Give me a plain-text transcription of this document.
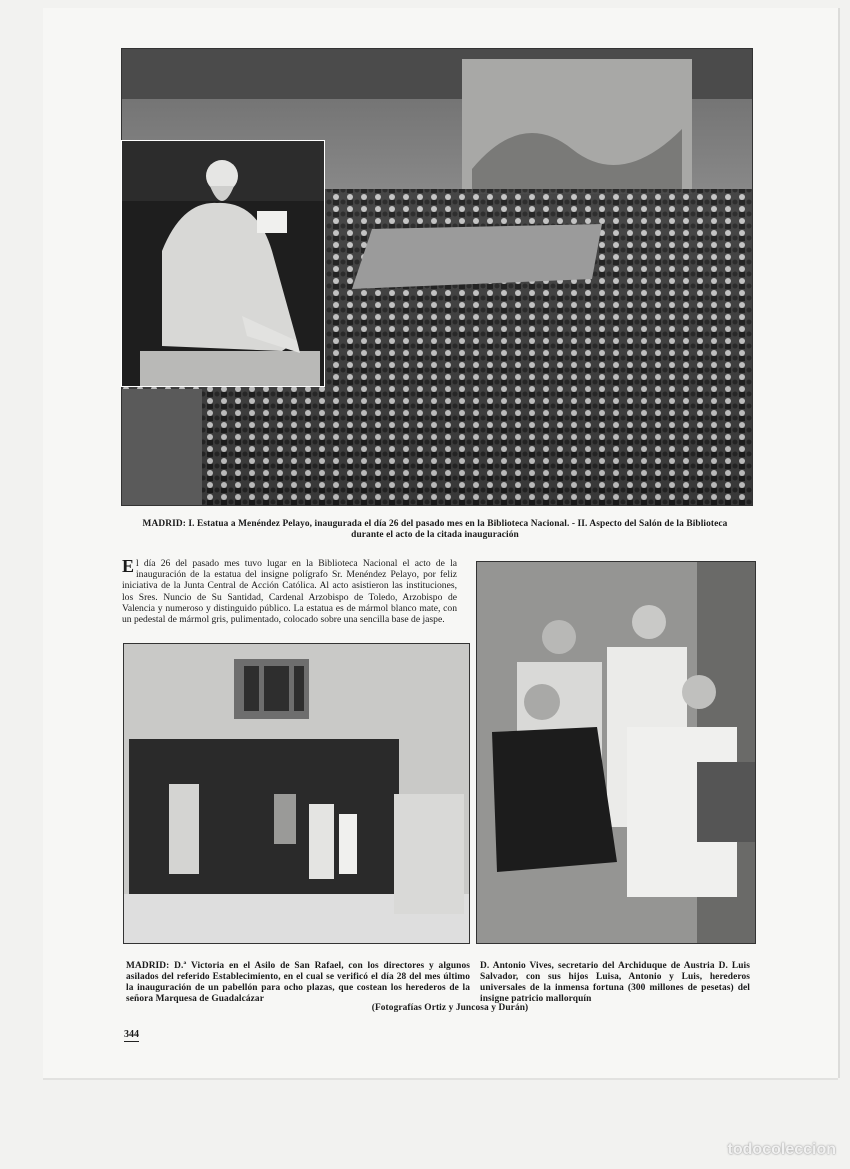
MADRID: I. Estatua a Menéndez Pelayo, inaugurada el día 26 del pasado mes en la Biblioteca Nacional. - II. Aspecto del Salón de la Biblioteca durante el acto de la citada inauguración
El día 26 del pasado mes tuvo lugar en la Biblioteca Nacional el acto de la inauguración de la estatua del insigne polígrafo Sr. Menéndez Pelayo, por feliz iniciativa de la Junta Central de Acción Católica. Al acto asistieron las instituciones, los Sres. Nuncio de Su Santidad, Cardenal Arzobispo de Toledo, Arzobispo de Valencia y numeroso y distinguido público. La estatua es de mármol blanco mate, con un pedestal de mármol gris, pulimentado, colocado sobre una sencilla base de jaspe.
MADRID: D.ª Victoria en el Asilo de San Rafael, con los directores y algunos asilados del referido Establecimiento, en el cual se verificó el día 28 del mes último la inauguración de un pabellón para ocho plazas, que costean los herederos de la señora Marquesa de Guadalcázar
D. Antonio Vives, secretario del Archiduque de Austria D. Luis Salvador, con sus hijos Luisa, Antonio y Luis, herederos universales de la inmensa fortuna (300 millones de pesetas) del insigne patricio mallorquín
(Fotografías Ortiz y Juncosa y Durán)
344
todocoleccion
